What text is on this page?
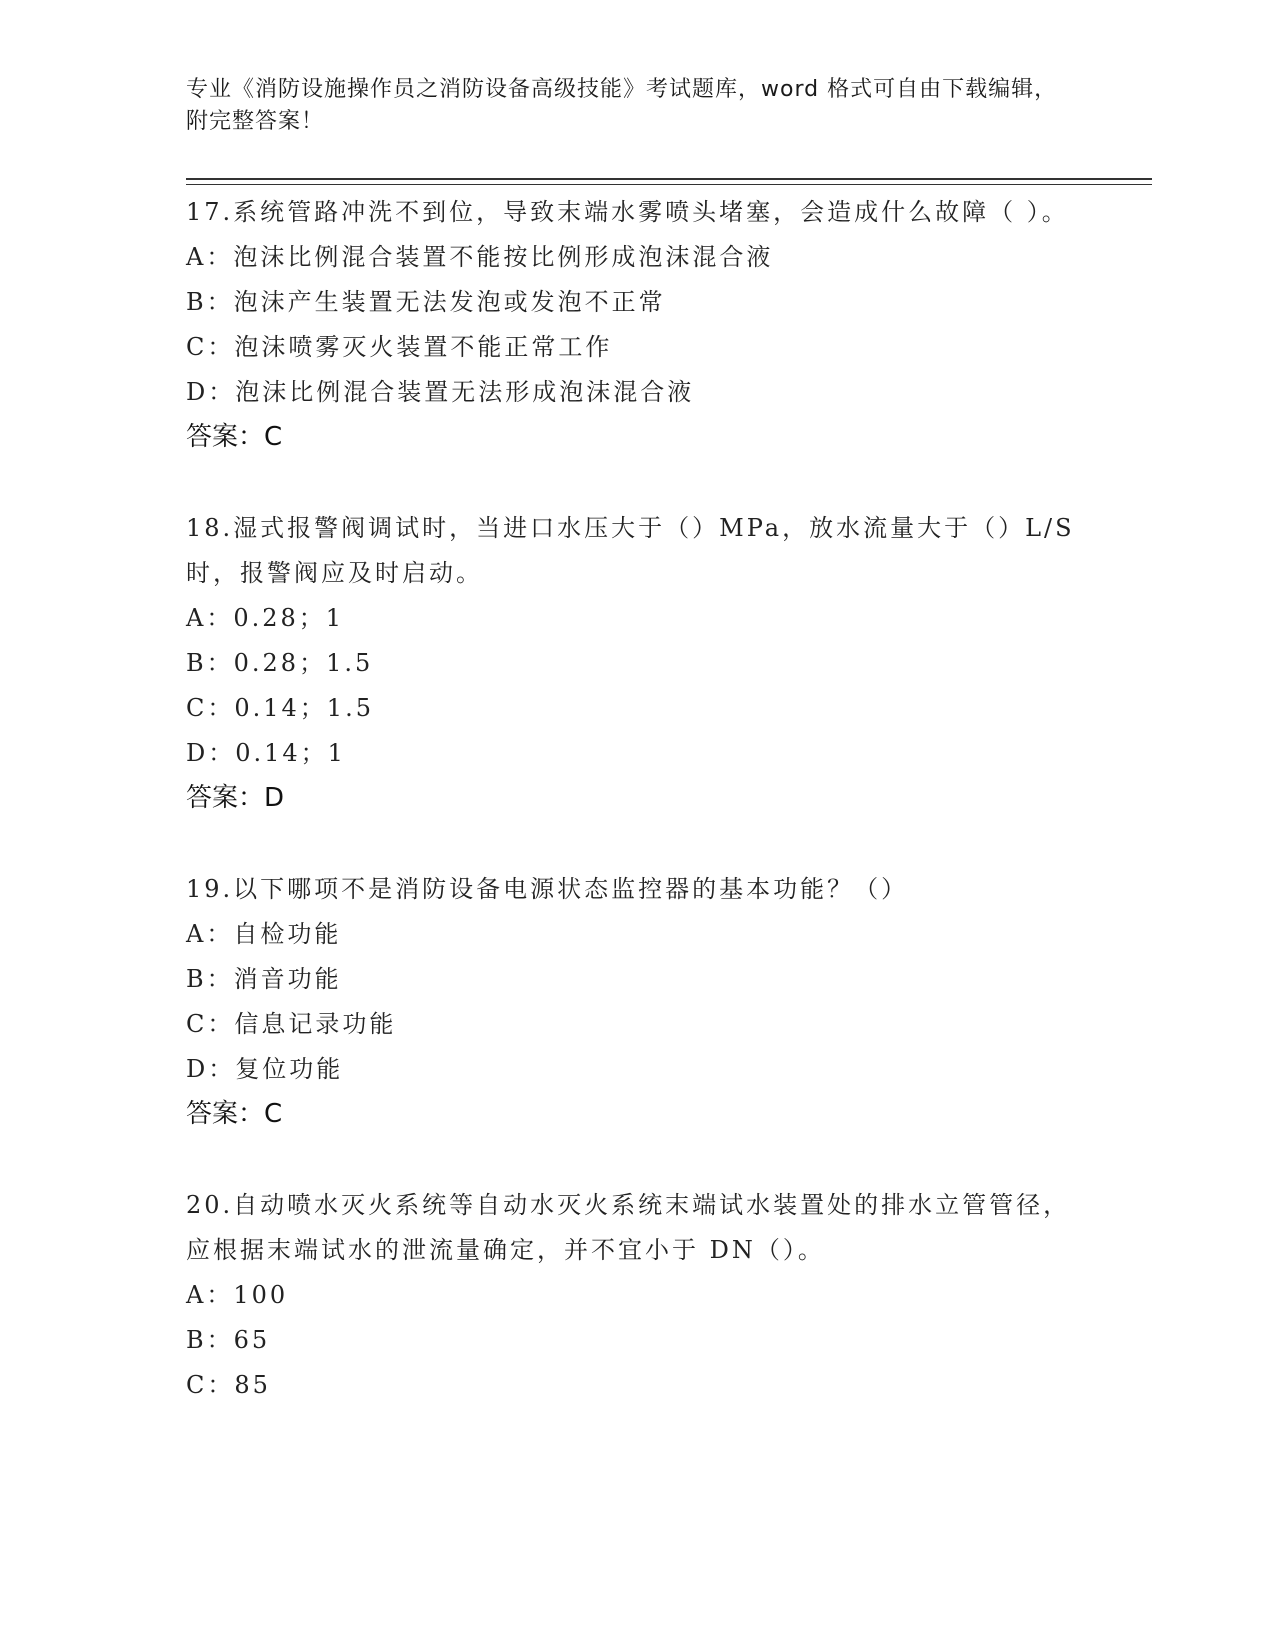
专业《消防设施操作员之消防设备高级技能》考试题库，word 格式可自由下载编辑，附完整答案！

17.系统管路冲洗不到位，导致末端水雾喷头堵塞，会造成什么故障（ ）。

A：泡沫比例混合装置不能按比例形成泡沫混合液

B：泡沫产生装置无法发泡或发泡不正常

C：泡沫喷雾灭火装置不能正常工作

D：泡沫比例混合装置无法形成泡沫混合液

答案：C

18.湿式报警阀调试时，当进口水压大于（）MPa，放水流量大于（）L/S 时，报警阀应及时启动。

A：0.28；1

B：0.28；1.5

C：0.14；1.5

D：0.14；1

答案：D

19.以下哪项不是消防设备电源状态监控器的基本功能？（）

A：自检功能

B：消音功能

C：信息记录功能

D：复位功能

答案：C

20.自动喷水灭火系统等自动水灭火系统末端试水装置处的排水立管管径，应根据末端试水的泄流量确定，并不宜小于 DN（）。

A：100

B：65

C：85
